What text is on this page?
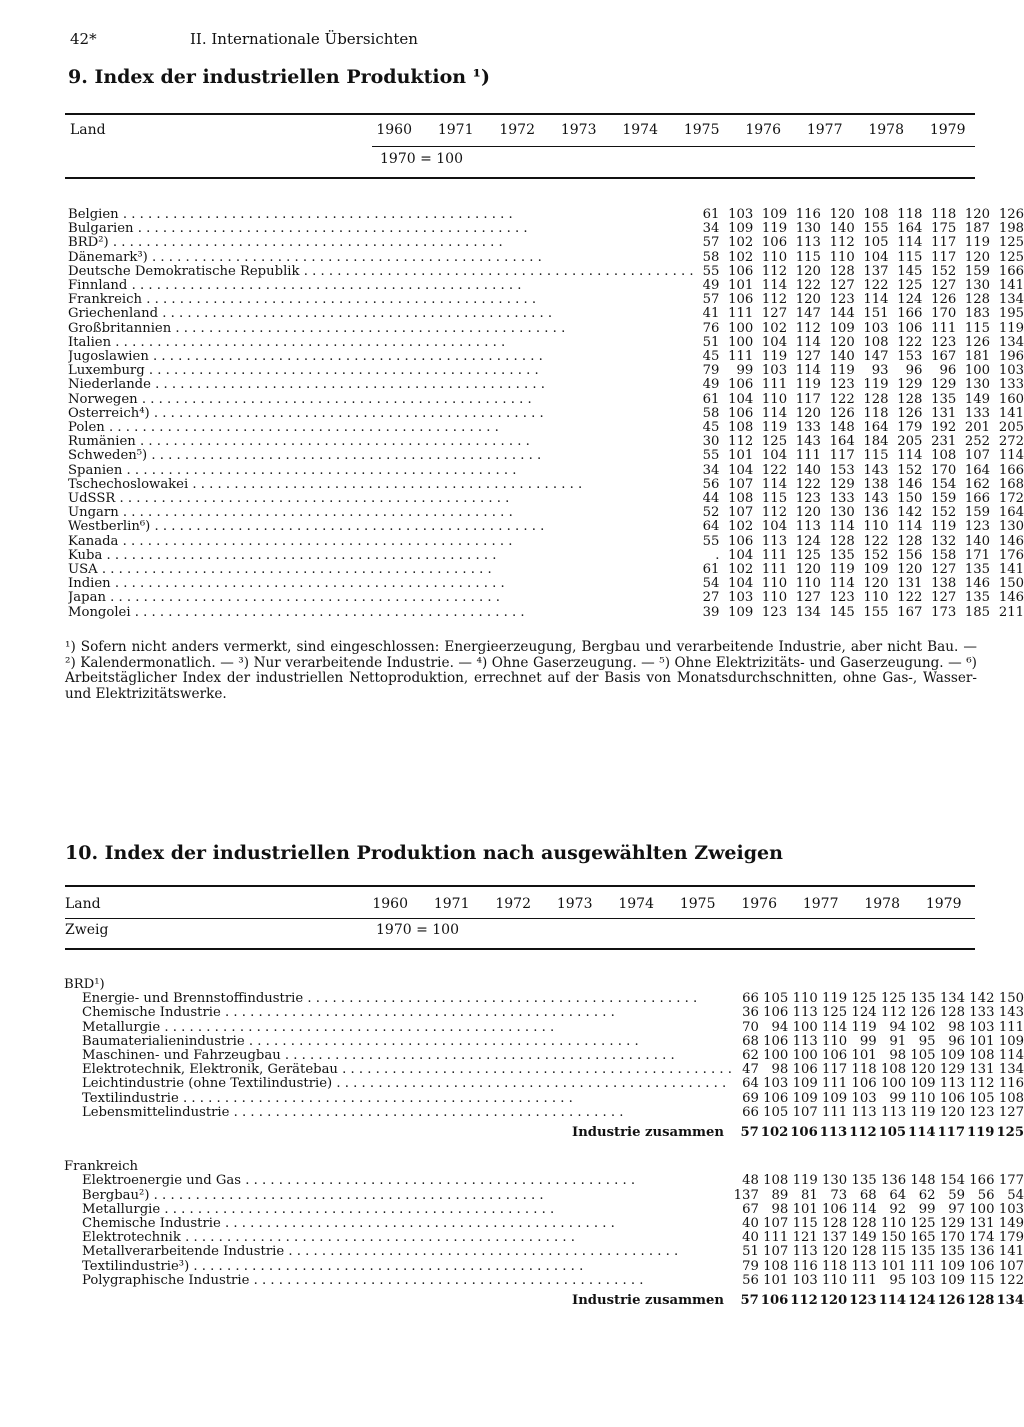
42*	II. Internationale Übersichten
9. Index der industriellen Produktion ¹)
Land	1960	1971	1972	1973	1974	1975	1976	1977	1978	1979
1970 = 100
Belgien . . .	61	103	109	116	120	108	118	118	120	126
Bulgarien . . .	34	109	119	130	140	155	164	175	187	198
BRD²) . . .	57	102	106	113	112	105	114	117	119	125
Dänemark³) . . .	58	102	110	115	110	104	115	117	120	125
Deutsche Demokratische Republik . . .	55	106	112	120	128	137	145	152	159	166
Finnland . . .	49	101	114	122	127	122	125	127	130	141
Frankreich . . .	57	106	112	120	123	114	124	126	128	134
Griechenland . . .	41	111	127	147	144	151	166	170	183	195
Großbritannien . . .	76	100	102	112	109	103	106	111	115	119
Italien . . .	51	100	104	114	120	108	122	123	126	134
Jugoslawien . . .	45	111	119	127	140	147	153	167	181	196
Luxemburg . . .	79	99	103	114	119	93	96	96	100	103
Niederlande . . .	49	106	111	119	123	119	129	129	130	133
Norwegen . . .	61	104	110	117	122	128	128	135	149	160
Österreich⁴) . . .	58	106	114	120	126	118	126	131	133	141
Polen . . .	45	108	119	133	148	164	179	192	201	205
Rumänien . . .	30	112	125	143	164	184	205	231	252	272
Schweden⁵) . . .	55	101	104	111	117	115	114	108	107	114
Spanien . . .	34	104	122	140	153	143	152	170	164	166
Tschechoslowakei . . .	56	107	114	122	129	138	146	154	162	168
UdSSR . . .	44	108	115	123	133	143	150	159	166	172
Ungarn . . .	52	107	112	120	130	136	142	152	159	164
Westberlin⁶) . . .	64	102	104	113	114	110	114	119	123	130
Kanada . . .	55	106	113	124	128	122	128	132	140	146
Kuba . . .	.	104	111	125	135	152	156	158	171	176
USA . . .	61	102	111	120	119	109	120	127	135	141
Indien . . .	54	104	110	110	114	120	131	138	146	150
Japan . . .	27	103	110	127	123	110	122	127	135	146
Mongolei . . .	39	109	123	134	145	155	167	173	185	211
¹) Sofern nicht anders vermerkt, sind eingeschlossen: Energieerzeugung, Bergbau und verarbeitende Industrie, aber nicht Bau. — ²) Kalendermonatlich. — ³) Nur verarbeitende Industrie. — ⁴) Ohne Gaserzeugung. — ⁵) Ohne Elektrizitäts- und Gaserzeugung. — ⁶) Arbeitstäglicher Index der industriellen Nettoproduktion, errechnet auf der Basis von Monatsdurchschnitten, ohne Gas-, Wasser- und Elektrizitätswerke.
10. Index der industriellen Produktion nach ausgewählten Zweigen
Land	1960	1971	1972	1973	1974	1975	1976	1977	1978	1979
Zweig	1970 = 100
BRD¹)										
Energie- und Brennstoffindustrie . . .	66	105	110	119	125	125	135	134	142	150
Chemische Industrie . . .	36	106	113	125	124	112	126	128	133	143
Metallurgie . . .	70	94	100	114	119	94	102	98	103	111
Baumaterialienindustrie . . .	68	106	113	110	99	91	95	96	101	109
Maschinen- und Fahrzeugbau . . .	62	100	100	106	101	98	105	109	108	114
Elektrotechnik, Elektronik, Gerätebau . . .	47	98	106	117	118	108	120	129	131	134
Leichtindustrie (ohne Textilindustrie) . . .	64	103	109	111	106	100	109	113	112	116
Textilindustrie . . .	69	106	109	109	103	99	110	106	105	108
Lebensmittelindustrie . . .	66	105	107	111	113	113	119	120	123	127

Industrie zusammen	57	102	106	113	112	105	114	117	119	125

Frankreich										
Elektroenergie und Gas . . .	48	108	119	130	135	136	148	154	166	177
Bergbau²) . . .	137	89	81	73	68	64	62	59	56	54
Metallurgie . . .	67	98	101	106	114	92	99	97	100	103
Chemische Industrie . . .	40	107	115	128	128	110	125	129	131	149
Elektrotechnik . . .	40	111	121	137	149	150	165	170	174	179
Metallverarbeitende Industrie . . .	51	107	113	120	128	115	135	135	136	141
Textilindustrie³) . . .	79	108	116	118	113	101	111	109	106	107
Polygraphische Industrie . . .	56	101	103	110	111	95	103	109	115	122

Industrie zusammen	57	106	112	120	123	114	124	126	128	134
